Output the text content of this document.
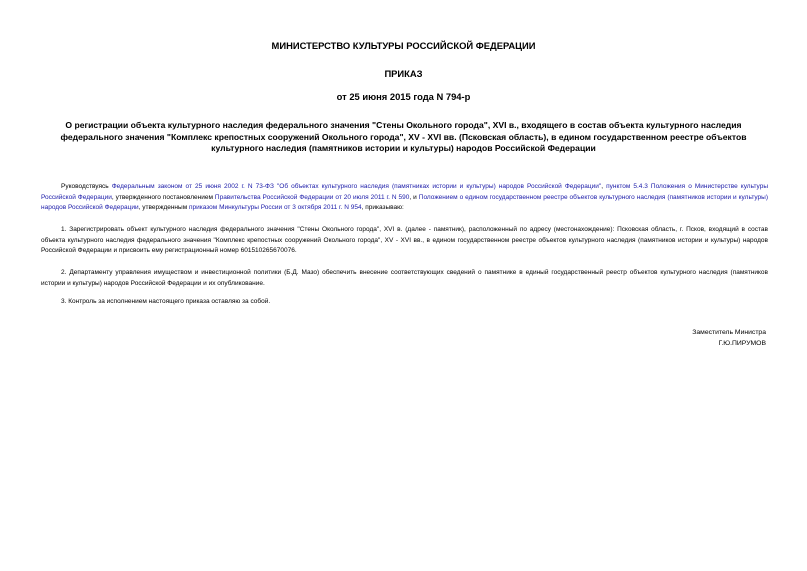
МИНИСТЕРСТВО КУЛЬТУРЫ РОССИЙСКОЙ ФЕДЕРАЦИИ

ПРИКАЗ

от 25 июня 2015 года N 794-р

О регистрации объекта культурного наследия федерального значения "Стены Окольного города", XVI в., входящего в состав объекта культурного наследия федерального значения "Комплекс крепостных сооружений Окольного города", XV - XVI вв. (Псковская область), в едином государственном реестре объектов культурного наследия (памятников истории и культуры) народов Российской Федерации

Руководствуясь Федеральным законом от 25 июня 2002 г. N 73-ФЗ "Об объектах культурного наследия (памятниках истории и культуры) народов Российской Федерации", пунктом 5.4.3 Положения о Министерстве культуры Российской Федерации, утвержденного постановлением Правительства Российской Федерации от 20 июля 2011 г. N 590, и Положением о едином государственном реестре объектов культурного наследия (памятников истории и культуры) народов Российской Федерации, утвержденным приказом Минкультуры России от 3 октября 2011 г. N 954, приказываю:

1. Зарегистрировать объект культурного наследия федерального значения "Стены Окольного города", XVI в. (далее - памятник), расположенный по адресу (местонахождение): Псковская область, г. Псков, входящий в состав объекта культурного наследия федерального значения "Комплекс крепостных сооружений Окольного города", XV - XVI вв., в едином государственном реестре объектов культурного наследия (памятников истории и культуры) народов Российской Федерации и присвоить ему регистрационный номер 601510265670076.

2. Департаменту управления имуществом и инвестиционной политики (Б.Д. Мазо) обеспечить внесение соответствующих сведений о памятнике в единый государственный реестр объектов культурного наследия (памятников истории и культуры) народов Российской Федерации и их опубликование.

3. Контроль за исполнением настоящего приказа оставляю за собой.

Заместитель Министра
Г.Ю.ПИРУМОВ
